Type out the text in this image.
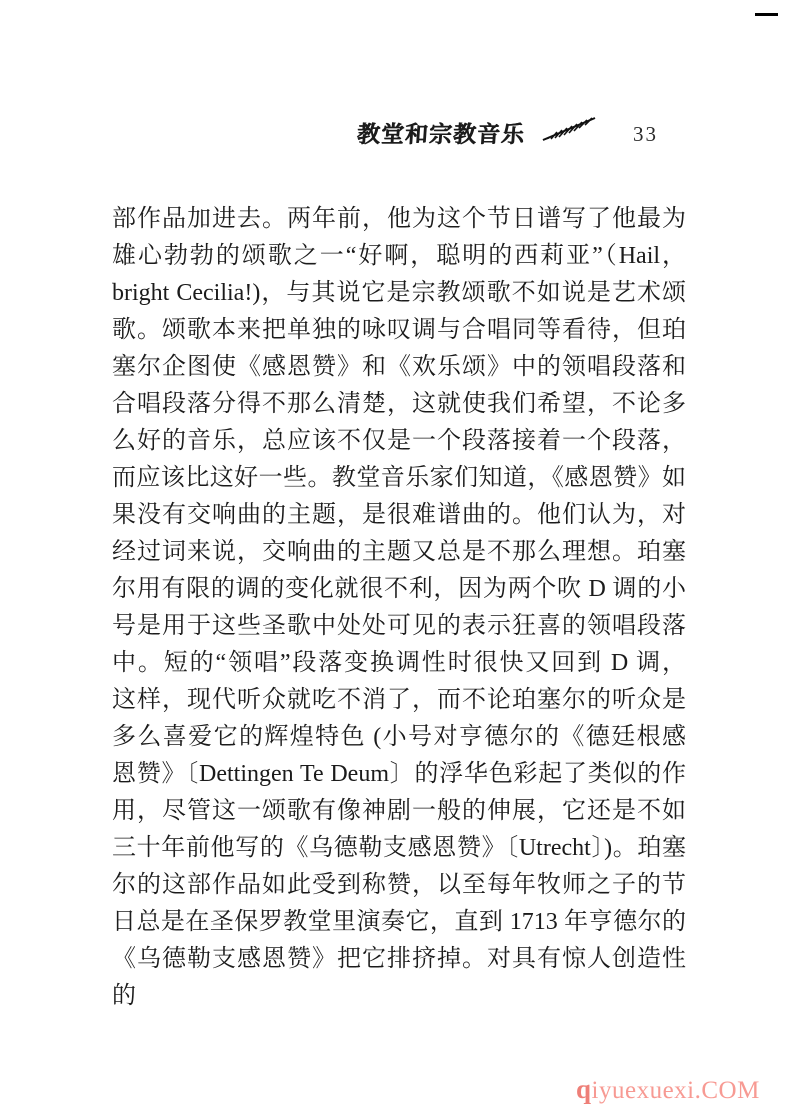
教堂和宗教音乐	33
部作品加进去。两年前，他为这个节日谱写了他最为
雄心勃勃的颂歌之一“好啊，聪明的西莉亚”（Hail，
bright Cecilia!)，与其说它是宗教颂歌不如说是艺术颂
歌。颂歌本来把单独的咏叹调与合唱同等看待，但珀
塞尔企图使《感恩赞》和《欢乐颂》中的领唱段落和
合唱段落分得不那么清楚，这就使我们希望，不论多
么好的音乐，总应该不仅是一个段落接着一个段落，
而应该比这好一些。教堂音乐家们知道，《感恩赞》如
果没有交响曲的主题，是很难谱曲的。他们认为，对
经过词来说，交响曲的主题又总是不那么理想。珀塞
尔用有限的调的变化就很不利，因为两个吹 D 调的小
号是用于这些圣歌中处处可见的表示狂喜的领唱段落
中。短的“领唱”段落变换调性时很快又回到 D 调，
这样，现代听众就吃不消了，而不论珀塞尔的听众是
多么喜爱它的辉煌特色 (小号对亨德尔的《德廷根感
恩赞》〔Dettingen Te Deum〕的浮华色彩起了类似的作
用，尽管这一颂歌有像神剧一般的伸展，它还是不如
三十年前他写的《乌德勒支感恩赞》〔Utrecht〕)。珀塞
尔的这部作品如此受到称赞，以至每年牧师之子的节
日总是在圣保罗教堂里演奏它，直到 1713 年亨德尔的
《乌德勒支感恩赞》把它排挤掉。对具有惊人创造性的
qiyuexuexi.COM
